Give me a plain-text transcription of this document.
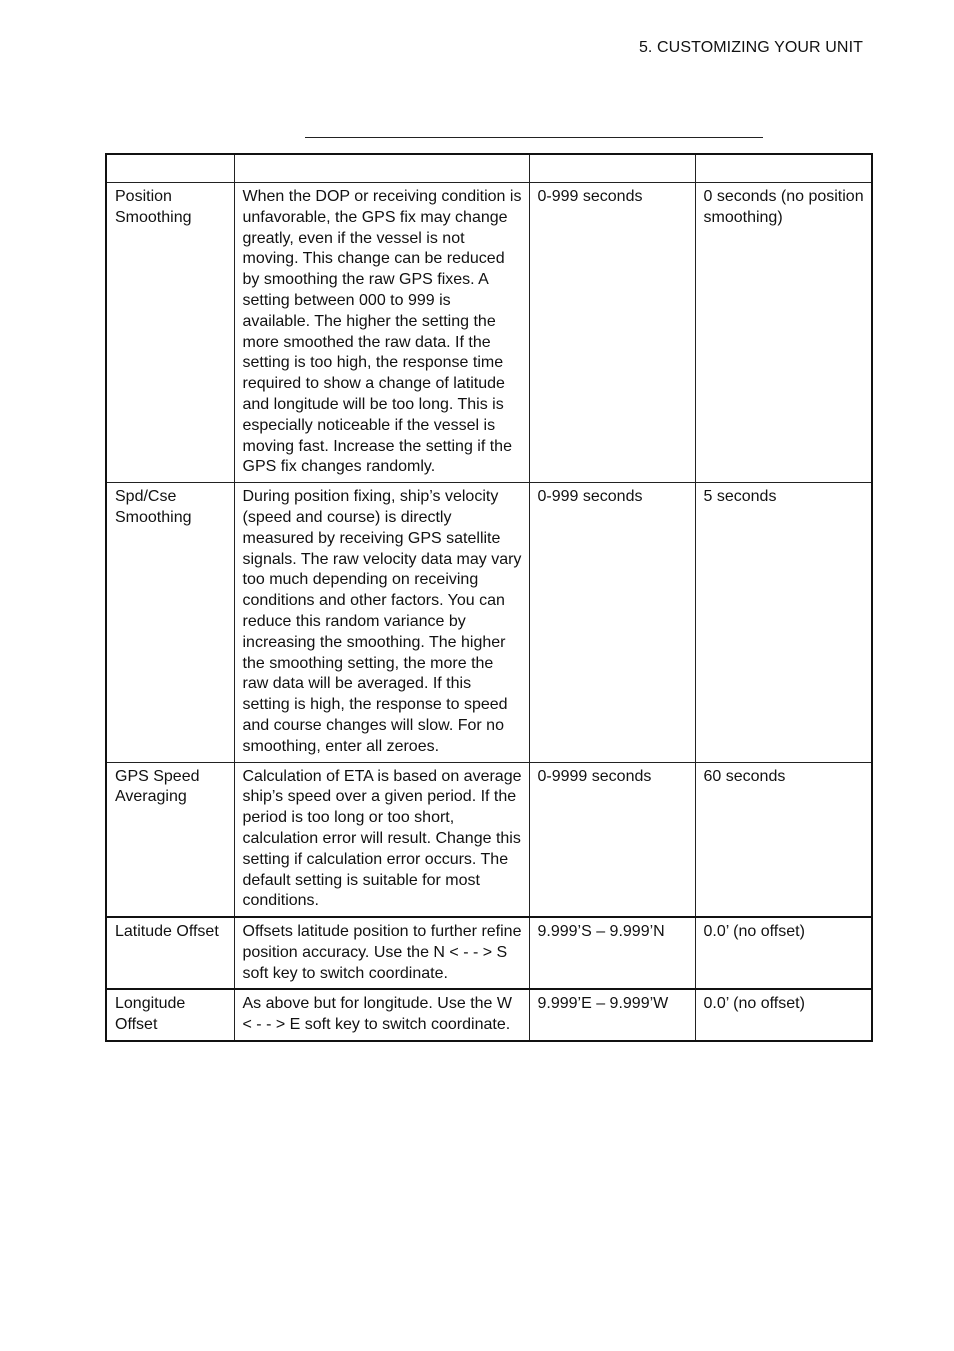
5. CUSTOMIZING YOUR UNIT

Position Smoothing	When the DOP or receiving condition is unfavorable, the GPS fix may change greatly, even if the vessel is not moving. This change can be reduced by smoothing the raw GPS fixes. A setting between 000 to 999 is available. The higher the setting the more smoothed the raw data. If the setting is too high, the response time required to show a change of latitude and longitude will be too long. This is especially noticeable if the vessel is moving fast. Increase the setting if the GPS fix changes randomly.	0-999 seconds	0 seconds (no position smoothing)
Spd/Cse Smoothing	During position fixing, ship’s velocity (speed and course) is directly measured by receiving GPS satellite signals. The raw velocity data may vary too much depending on receiving conditions and other factors. You can reduce this random variance by increasing the smoothing. The higher the smoothing setting, the more the raw data will be averaged. If this setting is high, the response to speed and course changes will slow. For no smoothing, enter all zeroes.	0-999 seconds	5 seconds
GPS Speed Averaging	Calculation of ETA is based on average ship’s speed over a given period. If the period is too long or too short, calculation error will result. Change this setting if calculation error occurs. The default setting is suitable for most conditions.	0-9999 seconds	60 seconds
Latitude Offset	Offsets latitude position to further refine position accuracy. Use the N < - - > S soft key to switch coordinate.	9.999’S – 9.999’N	0.0’ (no offset)
Longitude Offset	As above but for longitude. Use the W < - - > E soft key to switch coordinate.	9.999’E – 9.999’W	0.0’ (no offset)
